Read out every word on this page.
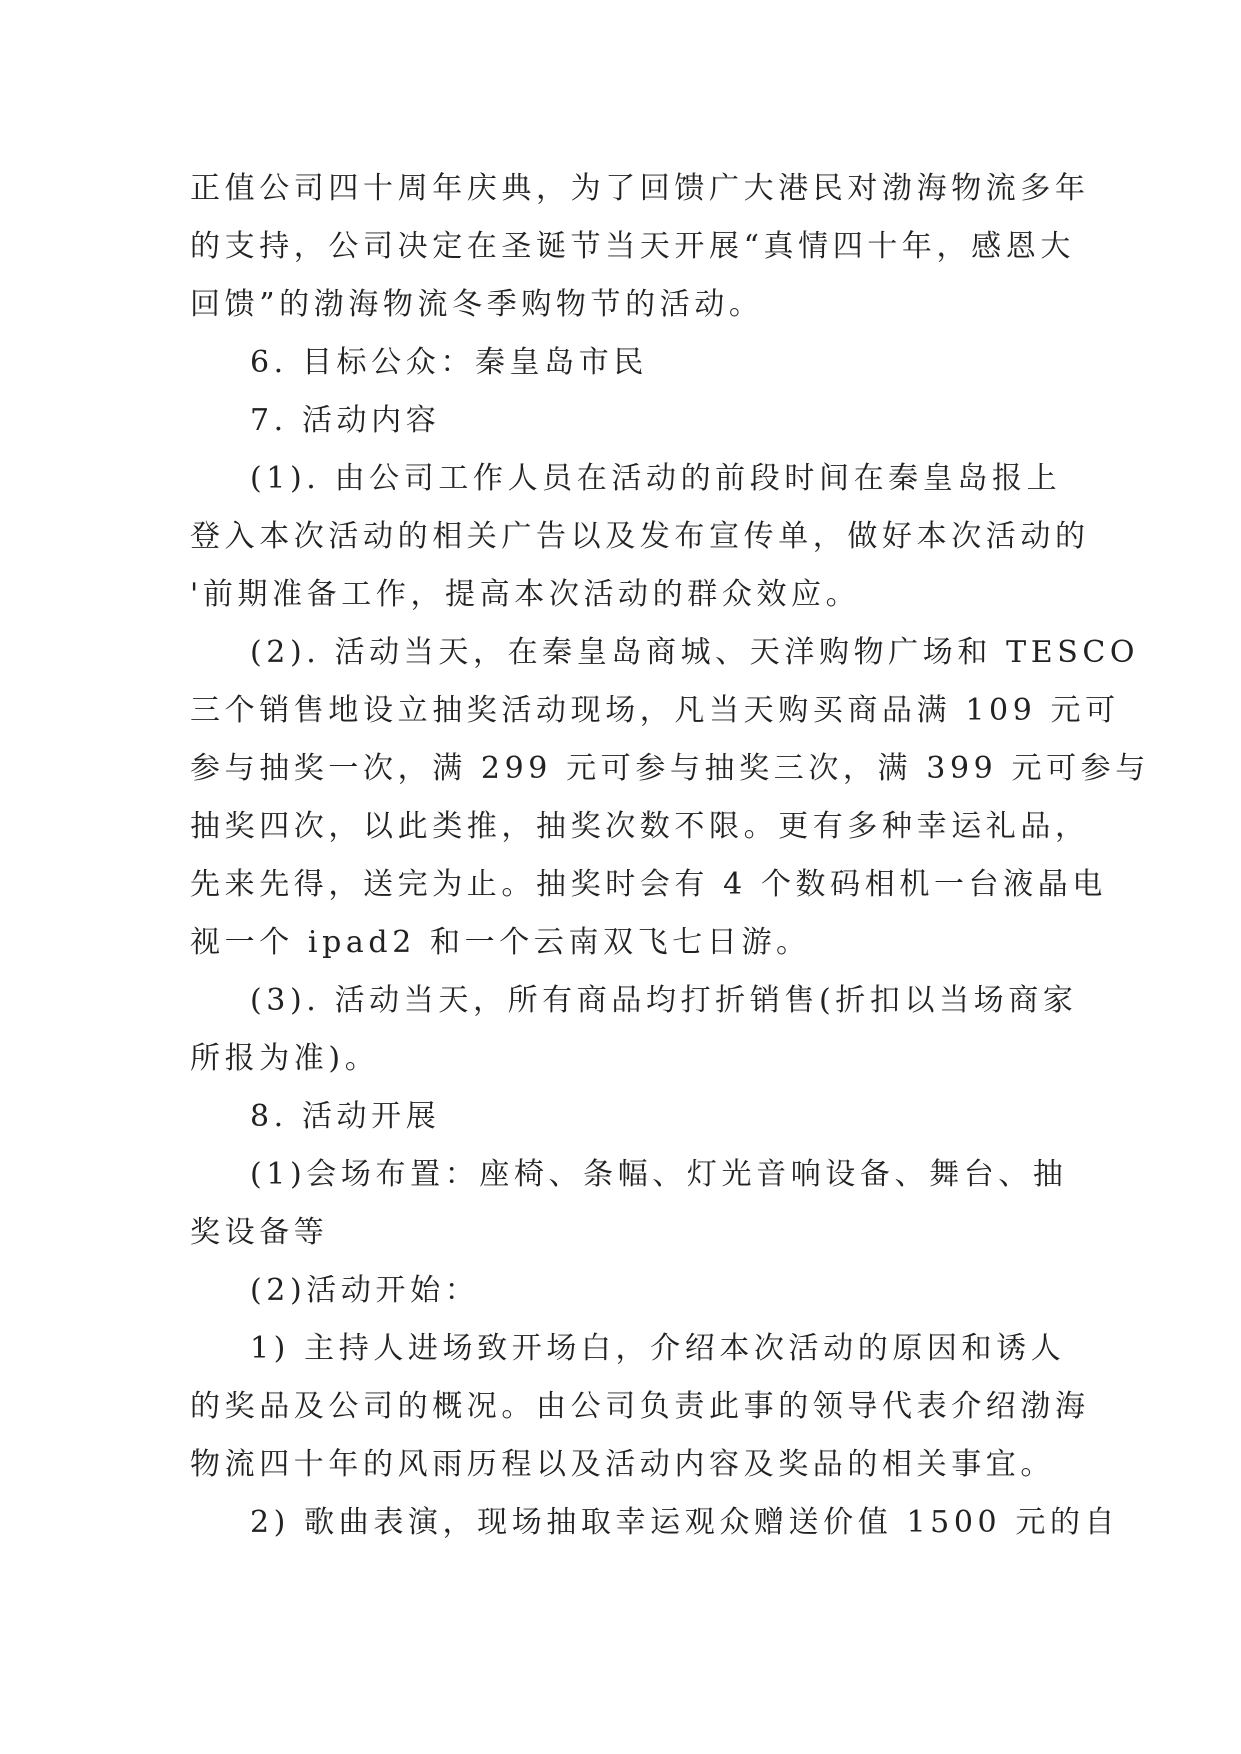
正值公司四十周年庆典，为了回馈广大港民对渤海物流多年
的支持，公司决定在圣诞节当天开展“真情四十年，感恩大
回馈”的渤海物流冬季购物节的活动。
6. 目标公众：秦皇岛市民
7. 活动内容
(1). 由公司工作人员在活动的前段时间在秦皇岛报上
登入本次活动的相关广告以及发布宣传单，做好本次活动的
'前期准备工作，提高本次活动的群众效应。
(2). 活动当天，在秦皇岛商城、天洋购物广场和 TESCO
三个销售地设立抽奖活动现场，凡当天购买商品满 109 元可
参与抽奖一次，满 299 元可参与抽奖三次，满 399 元可参与
抽奖四次，以此类推，抽奖次数不限。更有多种幸运礼品，
先来先得，送完为止。抽奖时会有 4 个数码相机一台液晶电
视一个 ipad2 和一个云南双飞七日游。
(3). 活动当天，所有商品均打折销售(折扣以当场商家
所报为准)。
8. 活动开展
(1)会场布置：座椅、条幅、灯光音响设备、舞台、抽
奖设备等
(2)活动开始：
1) 主持人进场致开场白，介绍本次活动的原因和诱人
的奖品及公司的概况。由公司负责此事的领导代表介绍渤海
物流四十年的风雨历程以及活动内容及奖品的相关事宜。
2) 歌曲表演，现场抽取幸运观众赠送价值 1500 元的自
